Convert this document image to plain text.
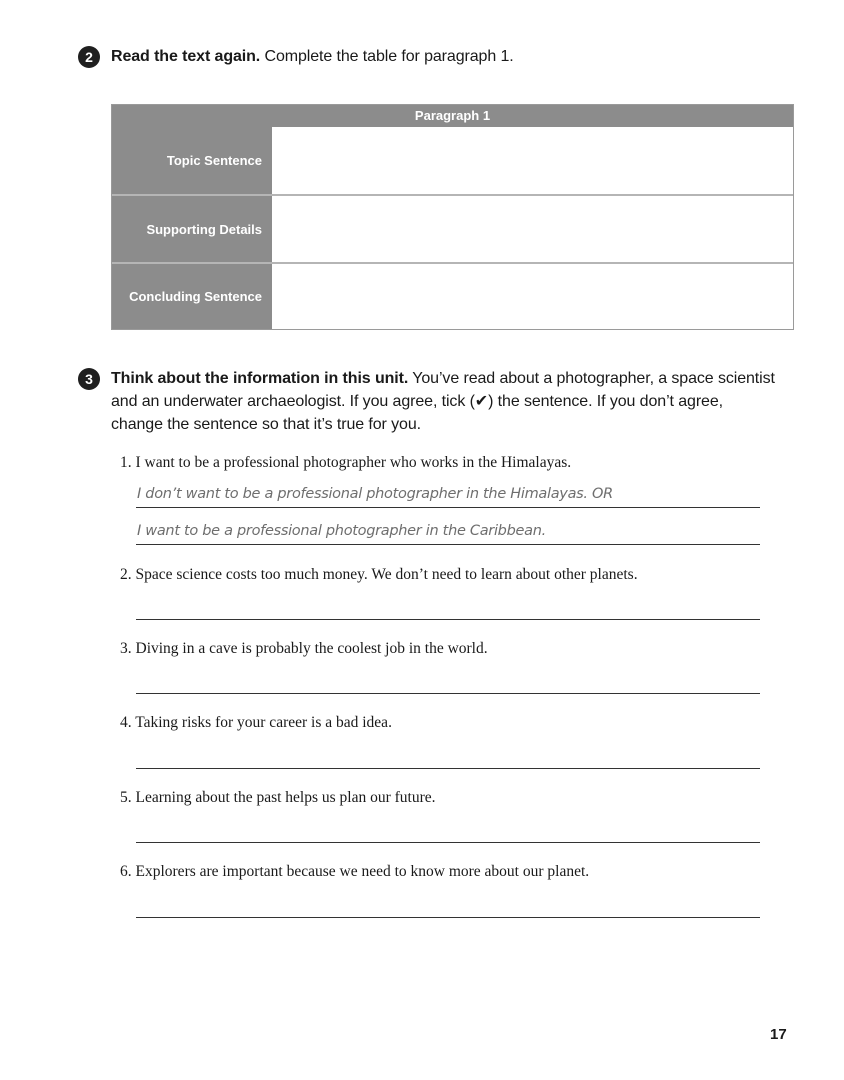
2	Read the text again. Complete the table for paragraph 1.
Paragraph 1
Topic Sentence
Supporting Details
Concluding Sentence
3	Think about the information in this unit. You’ve read about a photographer, a space scientist and an underwater archaeologist. If you agree, tick (✔) the sentence. If you don’t agree, change the sentence so that it’s true for you.
1. I want to be a professional photographer who works in the Himalayas.
I don’t want to be a professional photographer in the Himalayas. OR
I want to be a professional photographer in the Caribbean.
2. Space science costs too much money. We don’t need to learn about other planets.
3. Diving in a cave is probably the coolest job in the world.
4. Taking risks for your career is a bad idea.
5. Learning about the past helps us plan our future.
6. Explorers are important because we need to know more about our planet.
17
